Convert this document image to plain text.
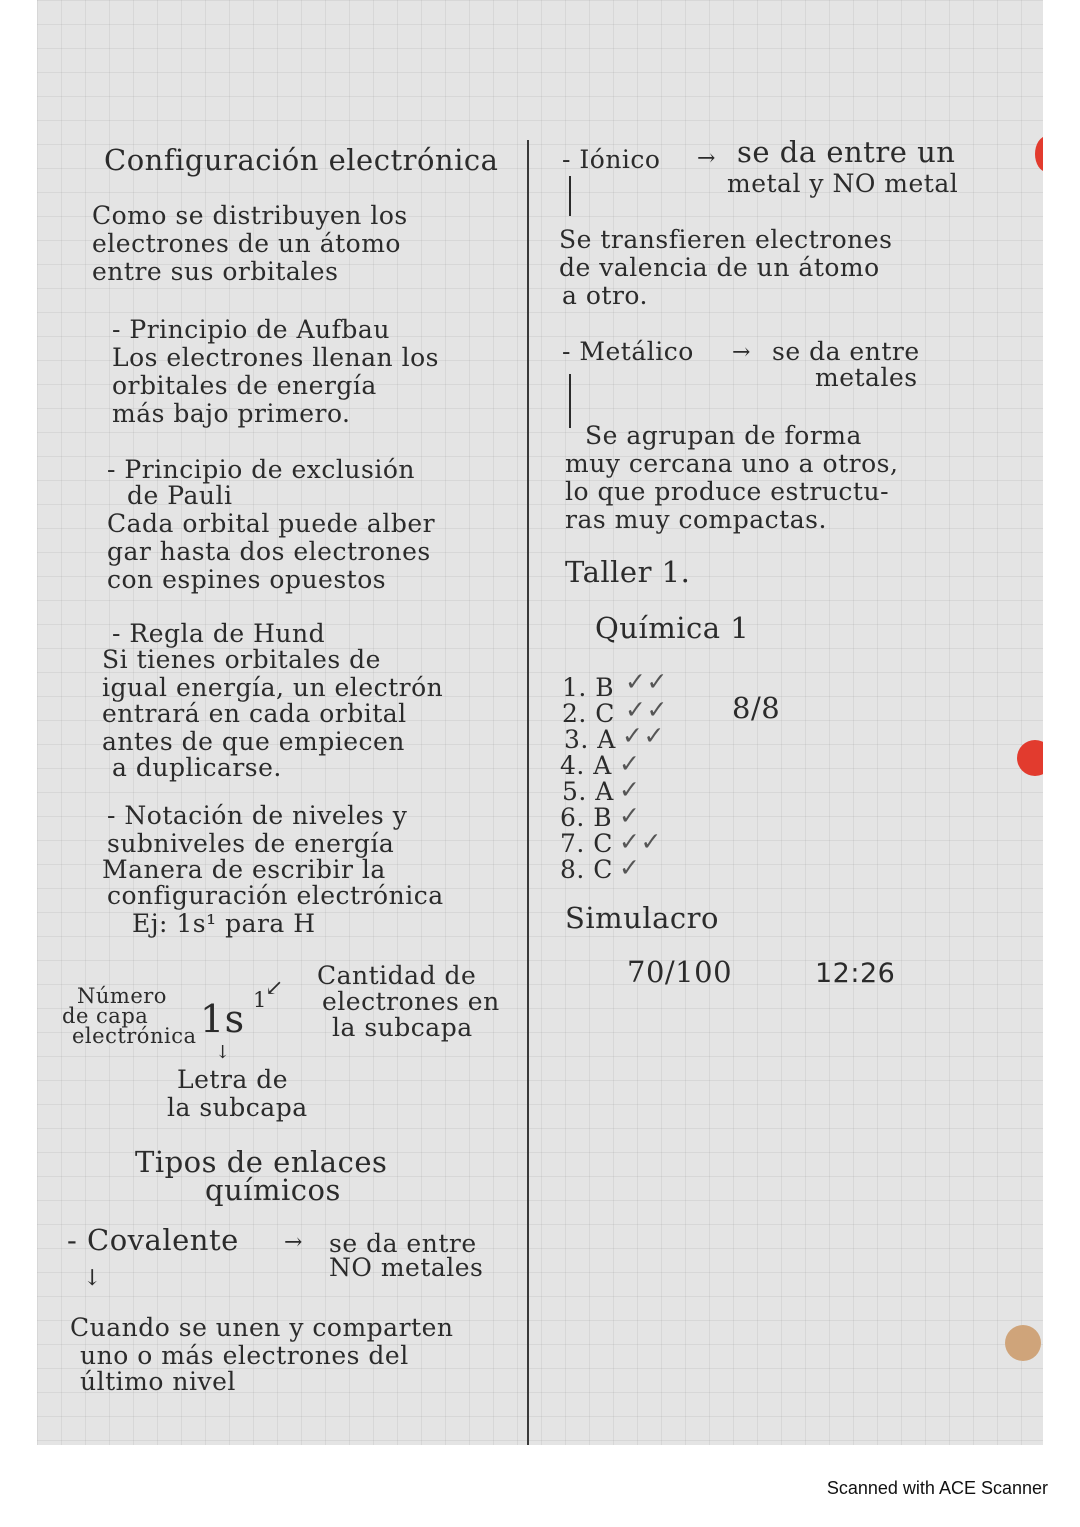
Configuración electrónica
Como se distribuyen los
electrones de un átomo
entre sus orbitales
- Principio de Aufbau
Los electrones llenan los
orbitales de energía
más bajo primero.
- Principio de exclusión
de Pauli
Cada orbital puede alber
gar hasta dos electrones
con espines opuestos
- Regla de Hund
Si tienes orbitales de
igual energía, un electrón
entrará en cada orbital
antes de que empiecen
a duplicarse.
- Notación de niveles y
subniveles de energía
Manera de escribir la
configuración electrónica
Ej: 1s¹ para H
Número
de capa
electrónica 1s 1
↙ Cantidad de
electrones en
la subcapa
↓
Letra de
la subcapa
Tipos de enlaces
químicos
- Covalente → se da entre
NO metales
↓
Cuando se unen y comparten
uno o más electrones del
último nivel
- Iónico → se da entre un
metal y NO metal
Se transfieren electrones
de valencia de un átomo
a otro.
- Metálico → se da entre
metales
Se agrupan de forma
muy cercana uno a otros,
lo que produce estructu-
ras muy compactas.
Taller 1.
Química 1
1. B
2. C
3. A
4. A
5. A
6. B
7. C
8. C
✓✓
✓✓
✓✓
✓
✓
✓
✓✓
✓
8/8
Simulacro
70/100	12:26
Scanned with ACE Scanner
